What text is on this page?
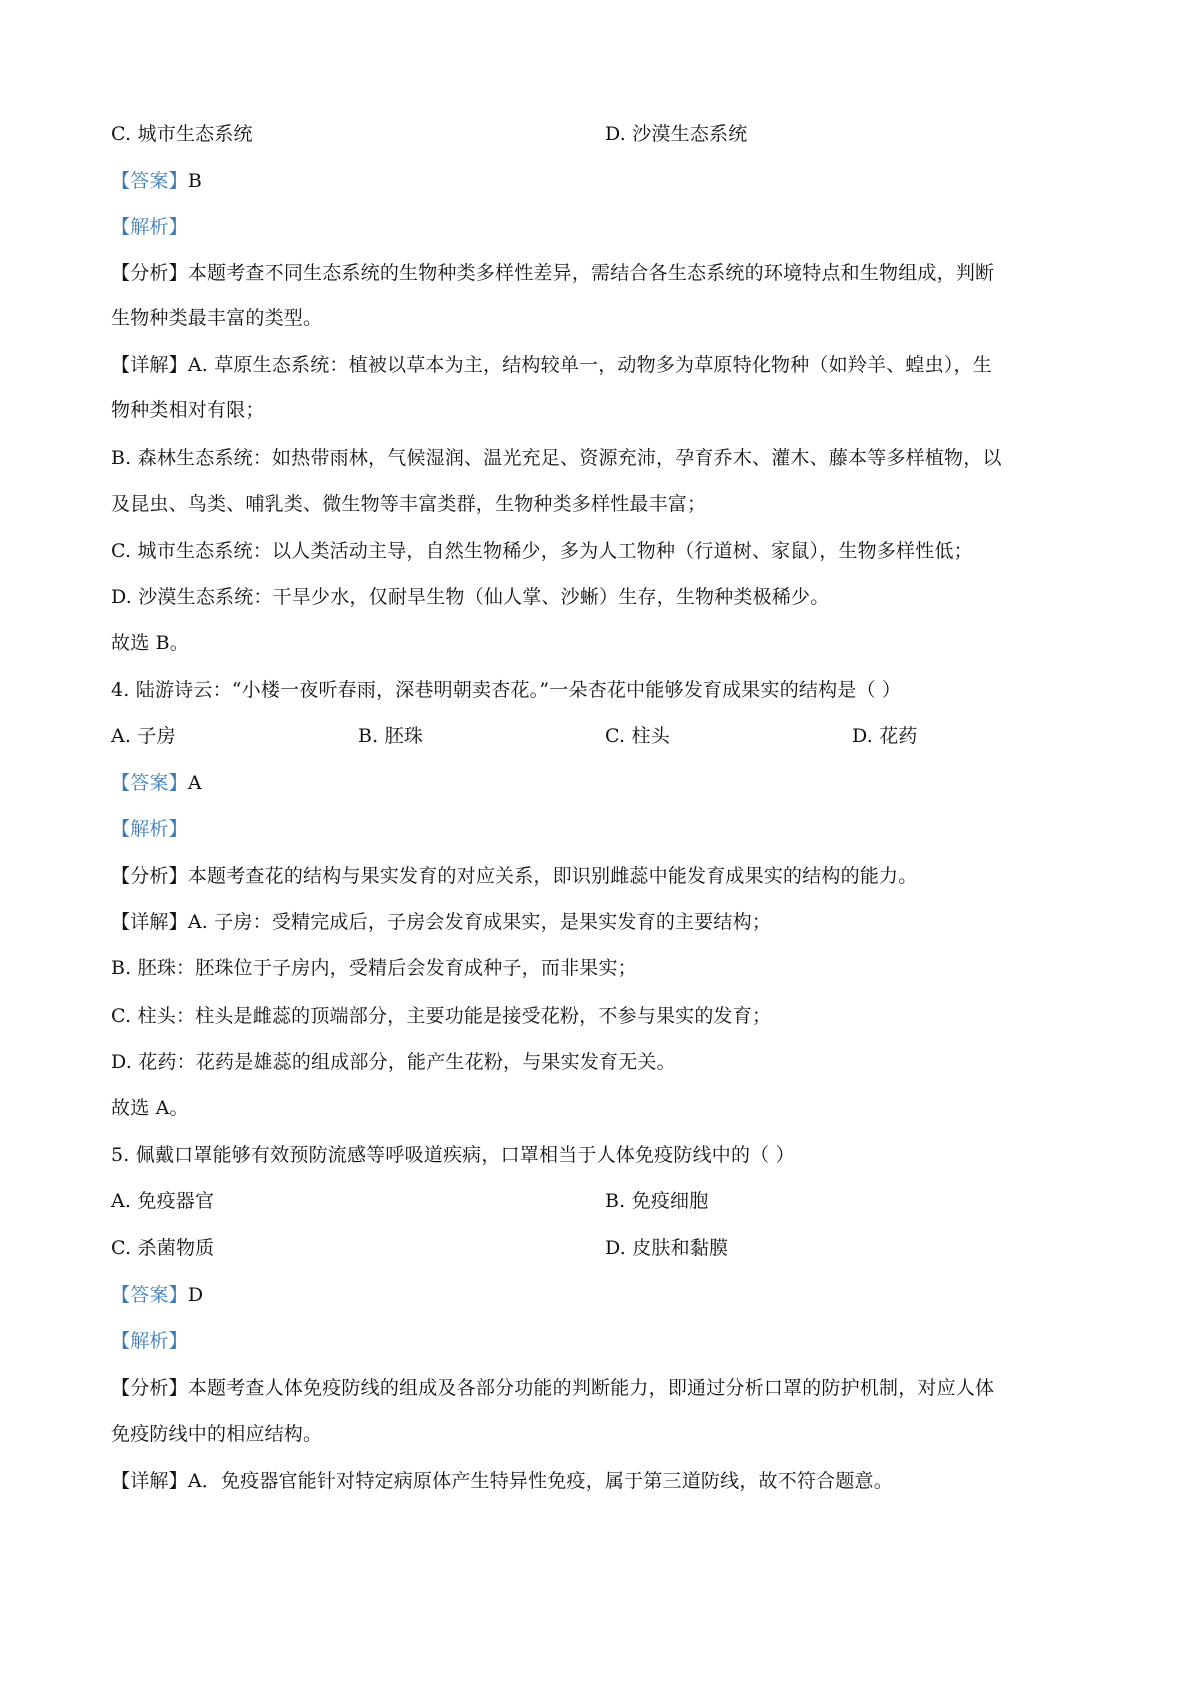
C. 城市生态系统	D. 沙漠生态系统
【答案】B
【解析】
【分析】本题考查不同生态系统的生物种类多样性差异，需结合各生态系统的环境特点和生物组成，判断
生物种类最丰富的类型。
【详解】A. 草原生态系统：植被以草本为主，结构较单一，动物多为草原特化物种（如羚羊、蝗虫），生
物种类相对有限；
B. 森林生态系统：如热带雨林，气候湿润、温光充足、资源充沛，孕育乔木、灌木、藤本等多样植物，以
及昆虫、鸟类、哺乳类、微生物等丰富类群，生物种类多样性最丰富；
C. 城市生态系统：以人类活动主导，自然生物稀少，多为人工物种（行道树、家鼠），生物多样性低；
D. 沙漠生态系统：干旱少水，仅耐旱生物（仙人掌、沙蜥）生存，生物种类极稀少。
故选 B。
4. 陆游诗云：“小楼一夜听春雨，深巷明朝卖杏花。”一朵杏花中能够发育成果实的结构是（ ）
A. 子房	B. 胚珠	C. 柱头	D. 花药
【答案】A
【解析】
【分析】本题考查花的结构与果实发育的对应关系，即识别雌蕊中能发育成果实的结构的能力。
【详解】A. 子房：受精完成后，子房会发育成果实，是果实发育的主要结构；
B. 胚珠：胚珠位于子房内，受精后会发育成种子，而非果实；
C. 柱头：柱头是雌蕊的顶端部分，主要功能是接受花粉，不参与果实的发育；
D. 花药：花药是雄蕊的组成部分，能产生花粉，与果实发育无关。
故选 A。
5. 佩戴口罩能够有效预防流感等呼吸道疾病，口罩相当于人体免疫防线中的（ ）
A. 免疫器官	B. 免疫细胞
C. 杀菌物质	D. 皮肤和黏膜
【答案】D
【解析】
【分析】本题考查人体免疫防线的组成及各部分功能的判断能力，即通过分析口罩的防护机制，对应人体
免疫防线中的相应结构。
【详解】A．免疫器官能针对特定病原体产生特异性免疫，属于第三道防线，故不符合题意。
